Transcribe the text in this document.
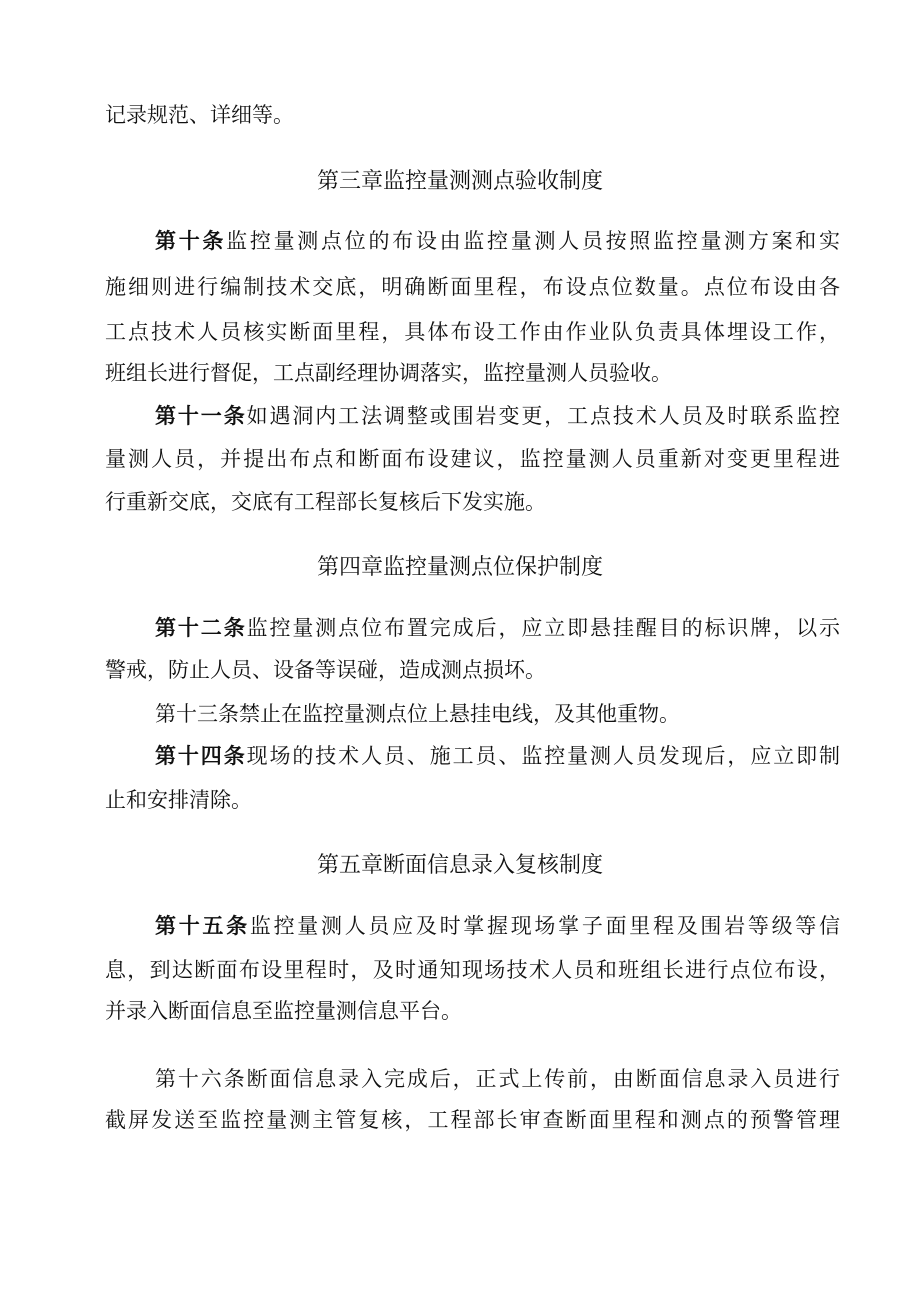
记录规范、详细等。
第三章监控量测测点验收制度
第十条监控量测点位的布设由监控量测人员按照监控量测方案和实
施细则进行编制技术交底，明确断面里程，布设点位数量。点位布设由各
工点技术人员核实断面里程，具体布设工作由作业队负责具体埋设工作，
班组长进行督促，工点副经理协调落实，监控量测人员验收。
第十一条如遇洞内工法调整或围岩变更，工点技术人员及时联系监控
量测人员，并提出布点和断面布设建议，监控量测人员重新对变更里程进
行重新交底，交底有工程部长复核后下发实施。
第四章监控量测点位保护制度
第十二条监控量测点位布置完成后，应立即悬挂醒目的标识牌，以示
警戒，防止人员、设备等误碰，造成测点损坏。
第十三条禁止在监控量测点位上悬挂电线，及其他重物。
第十四条现场的技术人员、施工员、监控量测人员发现后，应立即制
止和安排清除。
第五章断面信息录入复核制度
第十五条监控量测人员应及时掌握现场掌子面里程及围岩等级等信
息，到达断面布设里程时，及时通知现场技术人员和班组长进行点位布设，
并录入断面信息至监控量测信息平台。
第十六条断面信息录入完成后，正式上传前，由断面信息录入员进行
截屏发送至监控量测主管复核，工程部长审查断面里程和测点的预警管理
